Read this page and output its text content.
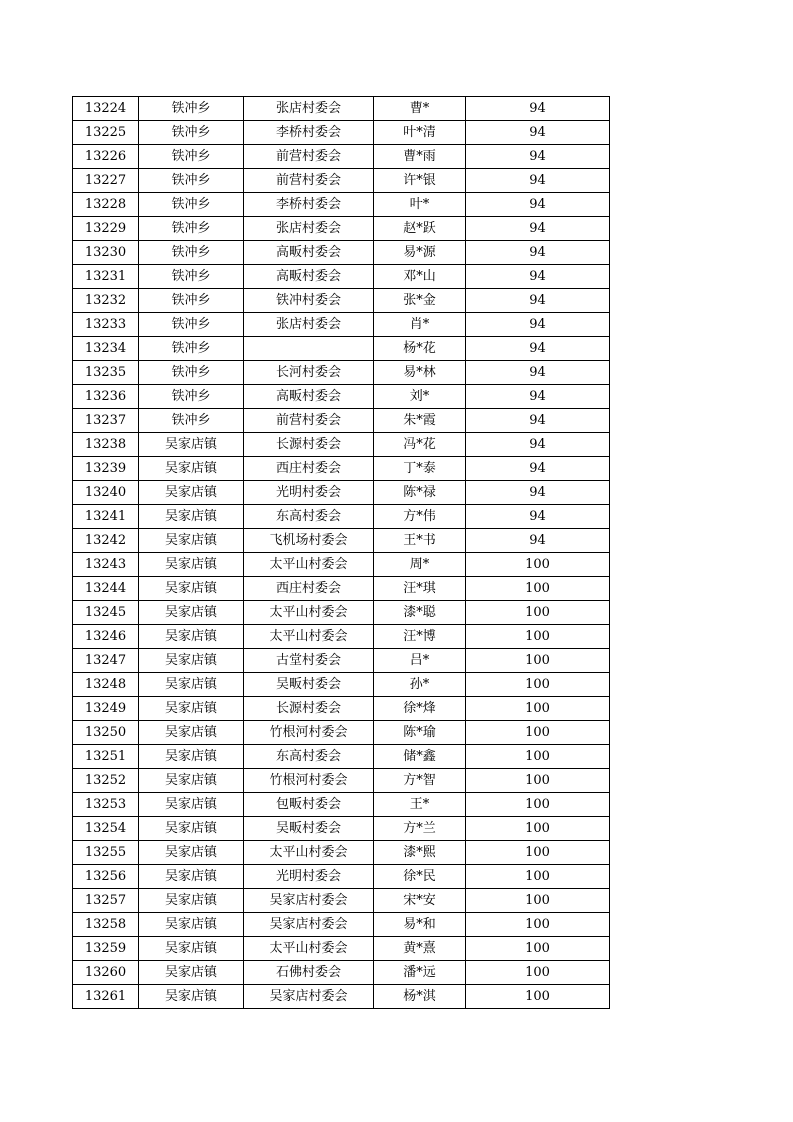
13224	铁冲乡	张店村委会	曹*	94
13225	铁冲乡	李桥村委会	叶*清	94
13226	铁冲乡	前营村委会	曹*雨	94
13227	铁冲乡	前营村委会	许*银	94
13228	铁冲乡	李桥村委会	叶*	94
13229	铁冲乡	张店村委会	赵*跃	94
13230	铁冲乡	高畈村委会	易*源	94
13231	铁冲乡	高畈村委会	邓*山	94
13232	铁冲乡	铁冲村委会	张*金	94
13233	铁冲乡	张店村委会	肖*	94
13234	铁冲乡		杨*花	94
13235	铁冲乡	长河村委会	易*林	94
13236	铁冲乡	高畈村委会	刘*	94
13237	铁冲乡	前营村委会	朱*霞	94
13238	吴家店镇	长源村委会	冯*花	94
13239	吴家店镇	西庄村委会	丁*泰	94
13240	吴家店镇	光明村委会	陈*禄	94
13241	吴家店镇	东高村委会	方*伟	94
13242	吴家店镇	飞机场村委会	王*书	94
13243	吴家店镇	太平山村委会	周*	100
13244	吴家店镇	西庄村委会	汪*琪	100
13245	吴家店镇	太平山村委会	漆*聪	100
13246	吴家店镇	太平山村委会	汪*博	100
13247	吴家店镇	古堂村委会	吕*	100
13248	吴家店镇	吴畈村委会	孙*	100
13249	吴家店镇	长源村委会	徐*烽	100
13250	吴家店镇	竹根河村委会	陈*瑜	100
13251	吴家店镇	东高村委会	储*鑫	100
13252	吴家店镇	竹根河村委会	方*智	100
13253	吴家店镇	包畈村委会	王*	100
13254	吴家店镇	吴畈村委会	方*兰	100
13255	吴家店镇	太平山村委会	漆*熙	100
13256	吴家店镇	光明村委会	徐*民	100
13257	吴家店镇	吴家店村委会	宋*安	100
13258	吴家店镇	吴家店村委会	易*和	100
13259	吴家店镇	太平山村委会	黄*熹	100
13260	吴家店镇	石佛村委会	潘*远	100
13261	吴家店镇	吴家店村委会	杨*淇	100
